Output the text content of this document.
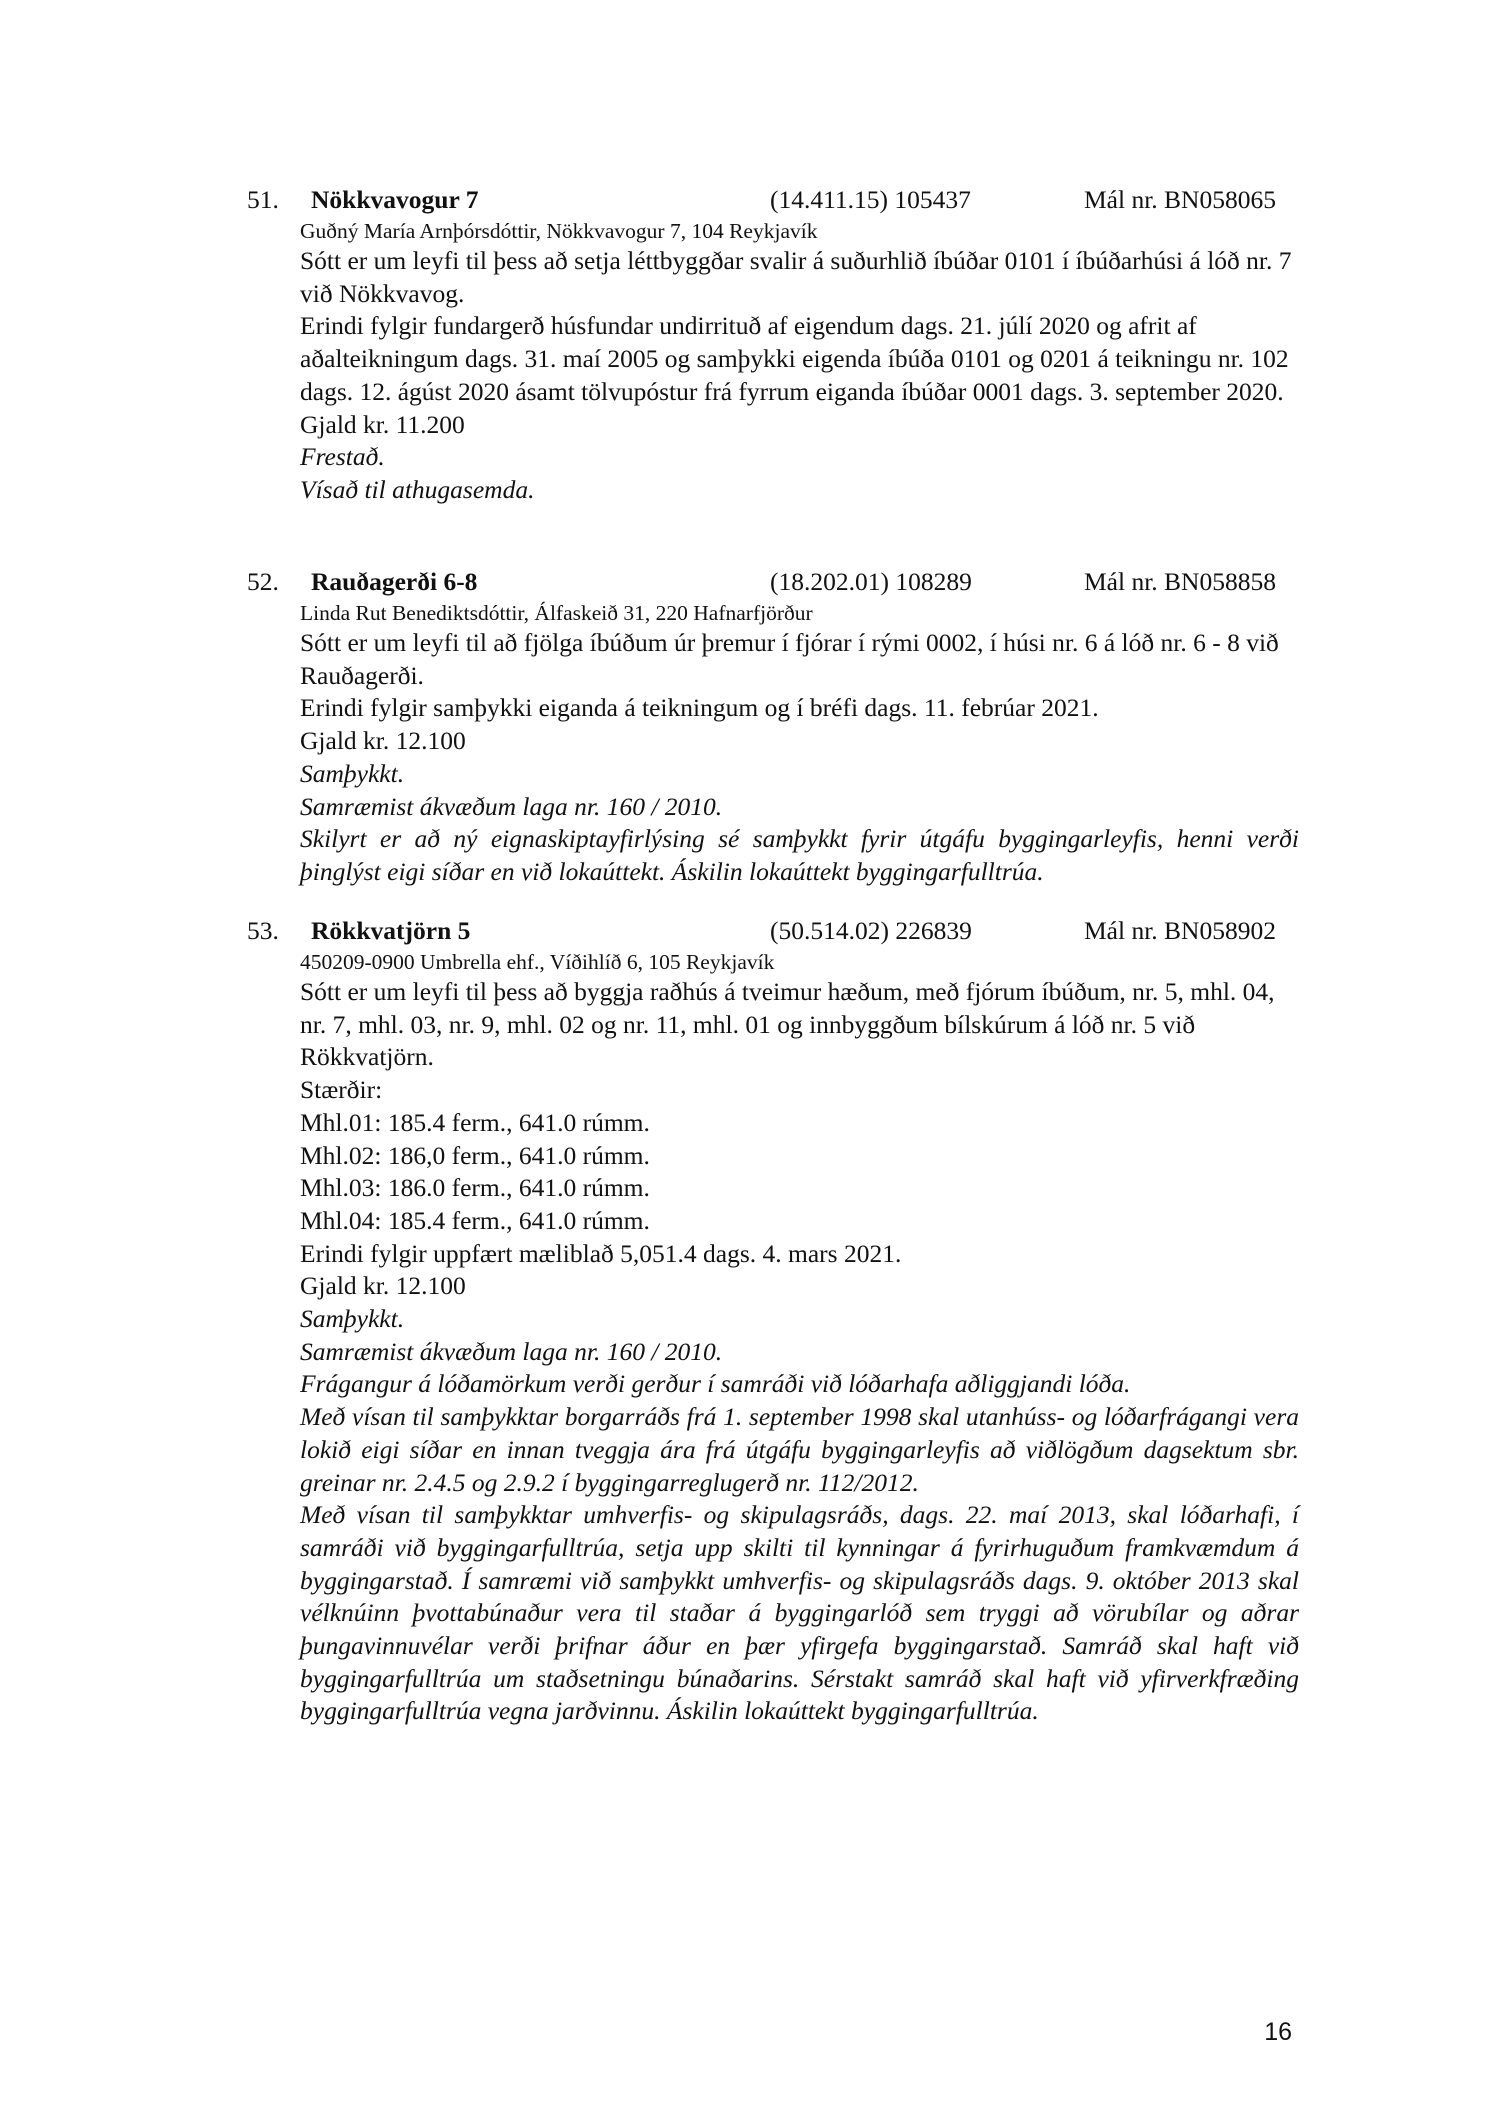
51. Nökkvavogur 7	(14.411.15) 105437	Mál nr. BN058065
Guðný María Arnþórsdóttir, Nökkvavogur 7, 104 Reykjavík
Sótt er um leyfi til þess að setja léttbyggðar svalir á suðurhlið íbúðar 0101 í íbúðarhúsi á lóð nr. 7 við Nökkvavog.
Erindi fylgir fundargerð húsfundar undirrituð af eigendum dags. 21. júlí 2020 og afrit af aðalteikningum dags. 31. maí 2005 og samþykki eigenda íbúða 0101 og 0201 á teikningu nr. 102 dags. 12. ágúst 2020 ásamt tölvupóstur frá fyrrum eiganda íbúðar 0001 dags. 3. september 2020.
Gjald kr. 11.200
Frestað.
Vísað til athugasemda.
52. Rauðagerði 6-8	(18.202.01) 108289	Mál nr. BN058858
Linda Rut Benediktsdóttir, Álfaskeið 31, 220 Hafnarfjörður
Sótt er um leyfi til að fjölga íbúðum úr þremur í fjórar í rými 0002, í húsi nr. 6 á lóð nr. 6 - 8 við Rauðagerði.
Erindi fylgir samþykki eiganda á teikningum og í bréfi dags. 11. febrúar 2021.
Gjald kr. 12.100
Samþykkt.
Samræmist ákvæðum laga nr. 160 / 2010.
Skilyrt er að ný eignaskiptayfirlýsing sé samþykkt fyrir útgáfu byggingarleyfis, henni verði þinglýst eigi síðar en við lokaúttekt. Áskilin lokaúttekt byggingarfulltrúa.
53. Rökkvatjörn 5	(50.514.02) 226839	Mál nr. BN058902
450209-0900 Umbrella ehf., Víðihlíð 6, 105 Reykjavík
Sótt er um leyfi til þess að byggja raðhús á tveimur hæðum, með fjórum íbúðum, nr. 5, mhl. 04, nr. 7, mhl. 03, nr. 9, mhl. 02 og nr. 11, mhl. 01 og innbyggðum bílskúrum á lóð nr. 5 við Rökkvatjörn.
Stærðir:
Mhl.01: 185.4 ferm., 641.0 rúmm.
Mhl.02: 186,0 ferm., 641.0 rúmm.
Mhl.03: 186.0 ferm., 641.0 rúmm.
Mhl.04: 185.4 ferm., 641.0 rúmm.
Erindi fylgir uppfært mæliblað 5,051.4 dags. 4. mars 2021.
Gjald kr. 12.100
Samþykkt.
Samræmist ákvæðum laga nr. 160 / 2010.
Frágangur á lóðamörkum verði gerður í samráði við lóðarhafa aðliggjandi lóða.
Með vísan til samþykktar borgarráðs frá 1. september 1998 skal utanhúss- og lóðarfrágangi vera lokið eigi síðar en innan tveggja ára frá útgáfu byggingarleyfis að viðlögðum dagsektum sbr. greinar nr. 2.4.5 og 2.9.2 í byggingarreglugerð nr. 112/2012.
Með vísan til samþykktar umhverfis- og skipulagsráðs, dags. 22. maí 2013, skal lóðarhafi, í samráði við byggingarfulltrúa, setja upp skilti til kynningar á fyrirhuguðum framkvæmdum á byggingarstað. Í samræmi við samþykkt umhverfis- og skipulagsráðs dags. 9. október 2013 skal vélknúinn þvottabúnaður vera til staðar á byggingarlóð sem tryggi að vörubílar og aðrar þungavinnuvélar verði þrifnar áður en þær yfirgefa byggingarstað. Samráð skal haft við byggingarfulltrúa um staðsetningu búnaðarins. Sérstakt samráð skal haft við yfirverkfræðing byggingarfulltrúa vegna jarðvinnu. Áskilin lokaúttekt byggingarfulltrúa.
16
